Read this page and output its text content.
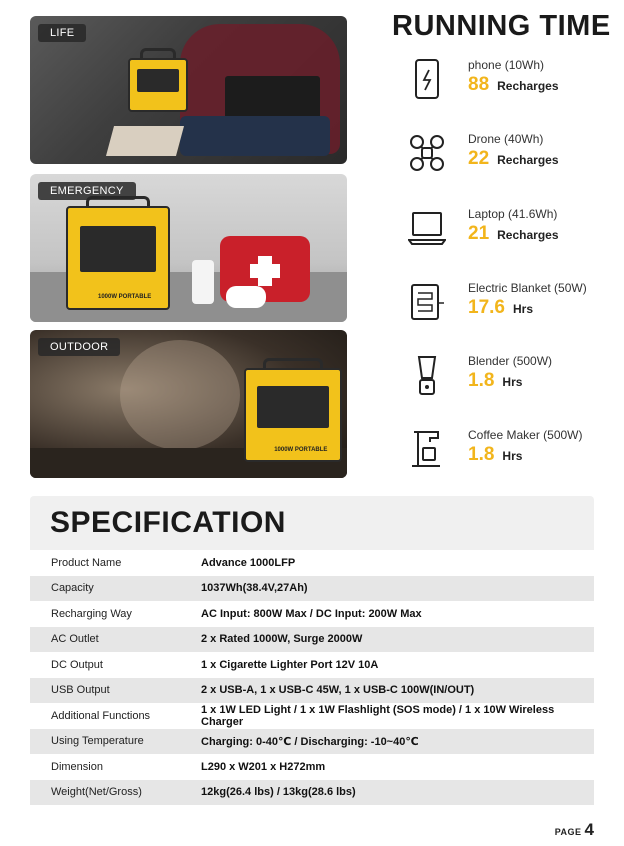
LIFE
1000W PORTABLE
EMERGENCY
1000W PORTABLE
OUTDOOR
RUNNING TIME
phone (10Wh)
88 Recharges
Drone (40Wh)
22 Recharges
Laptop (41.6Wh)
21 Recharges
Electric Blanket (50W)
17.6 Hrs
Blender (500W)
1.8 Hrs
Coffee Maker (500W)
1.8 Hrs
SPECIFICATION
Product Name	Advance 1000LFP
Capacity	1037Wh(38.4V,27Ah)
Recharging Way	AC Input: 800W Max / DC Input: 200W Max
AC Outlet	2 x Rated 1000W, Surge 2000W
DC Output	1 x Cigarette Lighter Port 12V 10A
USB Output	2 x USB-A, 1 x USB-C 45W, 1 x USB-C 100W(IN/OUT)
Additional Functions	1 x 1W LED Light / 1 x 1W Flashlight (SOS mode) / 1 x 10W Wireless Charger
Using Temperature	Charging: 0-40℃ / Discharging: -10~40℃
Dimension	L290 x W201 x H272mm
Weight(Net/Gross)	12kg(26.4 lbs) / 13kg(28.6 lbs)
PAGE 4
